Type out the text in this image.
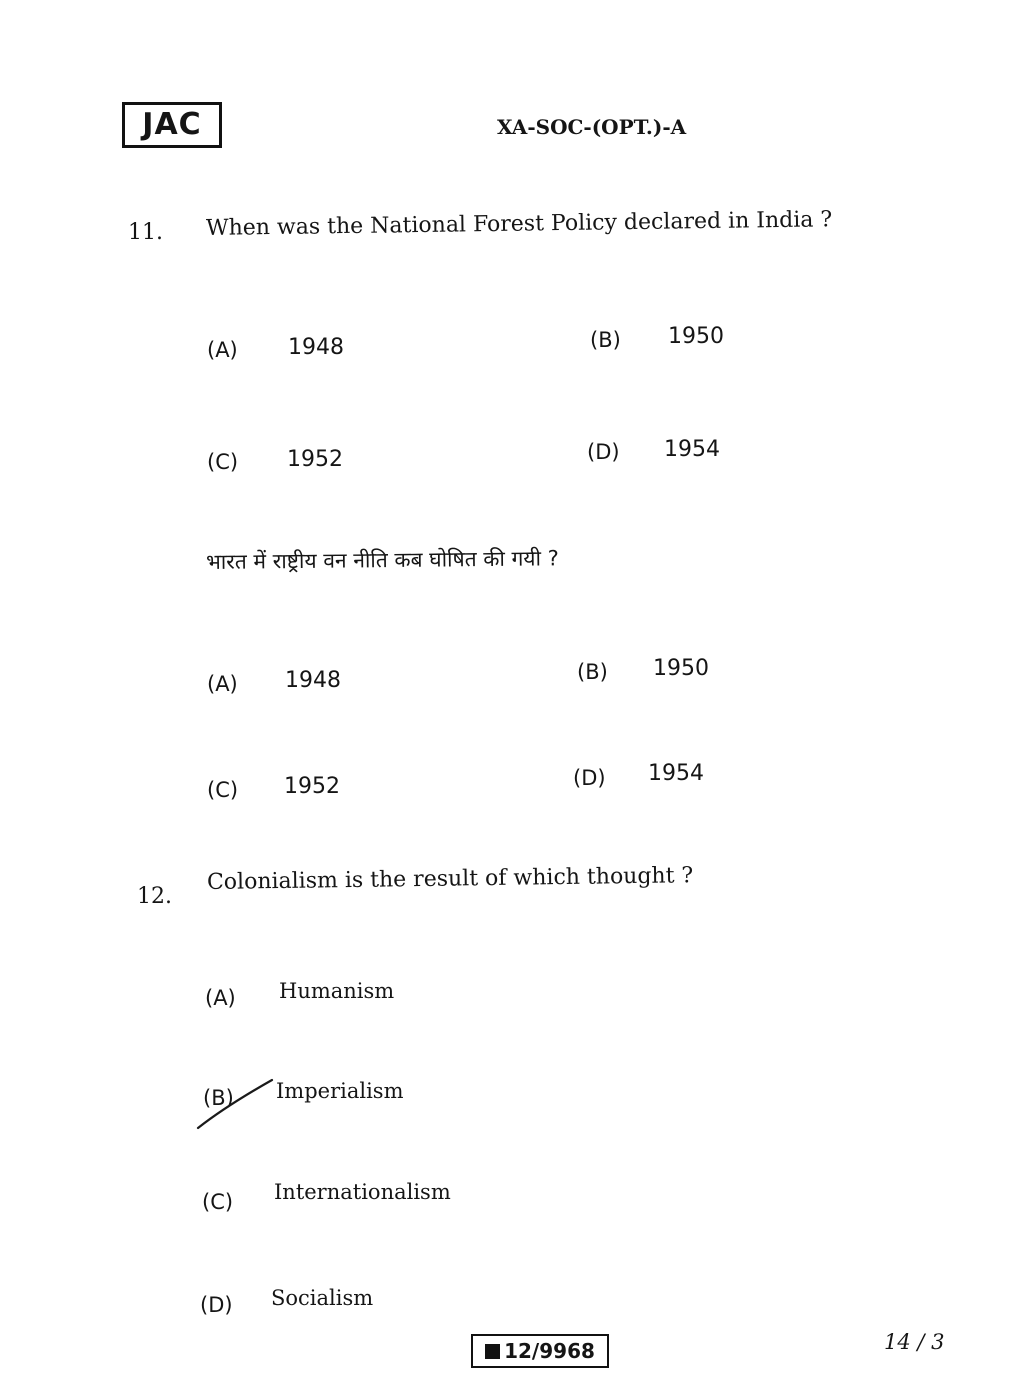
JAC	XA-SOC-(OPT.)-A
11. When was the National Forest Policy declared in India ?
(A) 1948	(B) 1950
(C) 1952	(D) 1954
भारत में राष्ट्रीय वन नीति कब घोषित की गयी ?
(A) 1948	(B) 1950
(C) 1952	(D) 1954
12.
Colonialism is the result of which thought ?
(A) Humanism
(B) Imperialism
(C) Internationalism
(D) Socialism
12/9968	14 / 3
